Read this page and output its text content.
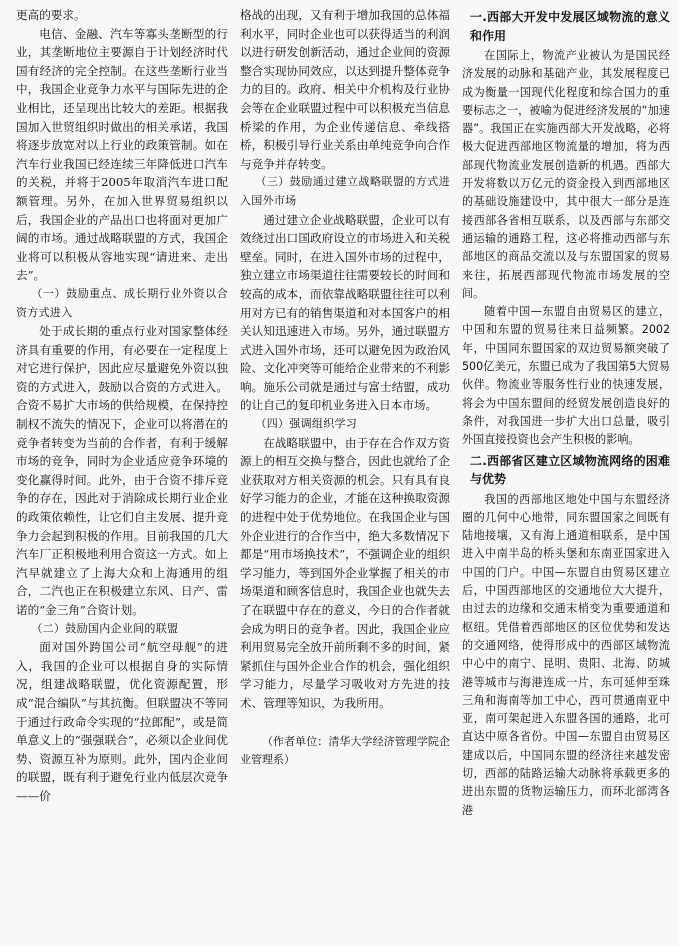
更高的要求。

电信、金融、汽车等寡头垄断型的行业，其垄断地位主要源自于计划经济时代国有经济的完全控制。在这些垄断行业当中，我国企业竞争力水平与国际先进的企业相比，还呈现出比较大的差距。根据我国加入世贸组织时做出的相关承诺，我国将逐步放宽对以上行业的政策管制。如在汽车行业我国已经连续三年降低进口汽车的关税，并将于2005年取消汽车进口配额管理。另外，在加入世界贸易组织以后，我国企业的产品出口也将面对更加广阔的市场。通过战略联盟的方式，我国企业将可以积极从容地实现“请进来、走出去”。

（一）鼓励重点、成长期行业外资以合资方式进入

处于成长期的重点行业对国家整体经济具有重要的作用，有必要在一定程度上对它进行保护，因此应尽量避免外资以独资的方式进入，鼓励以合资的方式进入。合资不易扩大市场的供给规模，在保持控制权不流失的情况下，企业可以将潜在的竞争者转变为当前的合作者，有利于缓解市场的竞争，同时为企业适应竞争环境的变化赢得时间。此外，由于合资不排斥竞争的存在，因此对于消除成长期行业企业的政策依赖性，让它们自主发展、提升竞争力会起到积极的作用。目前我国的几大汽车厂正积极地利用合资这一方式。如上汽早就建立了上海大众和上海通用的组合，二汽也正在积极建立东风、日产、雷诺的“金三角”合资计划。

（二）鼓励国内企业间的联盟

面对国外跨国公司“航空母舰”的进入，我国的企业可以根据自身的实际情况，组建战略联盟，优化资源配置，形成“混合编队”与其抗衡。但联盟决不等同于通过行政命令实现的“拉郎配”，或是简单意义上的“强强联合”，必须以企业间优势、资源互补为原则。此外，国内企业间的联盟，既有利于避免行业内低层次竞争——价

格战的出现，又有利于增加我国的总体福利水平，同时企业也可以获得适当的利润以进行研发创新活动，通过企业间的资源整合实现协同效应，以达到提升整体竞争力的目的。政府、相关中介机构及行业协会等在企业联盟过程中可以积极充当信息桥梁的作用，为企业传递信息、牵线搭桥，积极引导行业关系由单纯竞争向合作与竞争并存转变。

（三）鼓励通过建立战略联盟的方式进入国外市场

通过建立企业战略联盟，企业可以有效绕过出口国政府设立的市场进入和关税壁垒。同时，在进入国外市场的过程中，独立建立市场渠道往往需要较长的时间和较高的成本，而依靠战略联盟往往可以利用对方已有的销售渠道和对本国客户的相关认知迅速进入市场。另外，通过联盟方式进入国外市场，还可以避免因为政治风险、文化冲突等可能给企业带来的不利影响。施乐公司就是通过与富士结盟，成功的让自己的复印机业务进入日本市场。

（四）强调组织学习

在战略联盟中，由于存在合作双方资源上的相互交换与整合，因此也就给了企业获取对方相关资源的机会。只有具有良好学习能力的企业，才能在这种换取资源的进程中处于优势地位。在我国企业与国外企业进行的合作当中，绝大多数情况下都是“用市场换技术”，不强调企业的组织学习能力，等到国外企业掌握了相关的市场渠道和顾客信息时，我国企业也就失去了在联盟中存在的意义，今日的合作者就会成为明日的竞争者。因此，我国企业应利用贸易完全放开前所剩不多的时间，紧紧抓住与国外企业合作的机会，强化组织学习能力，尽量学习吸收对方先进的技术、管理等知识，为我所用。

（作者单位：清华大学经济管理学院企业管理系）

一.西部大开发中发展区域物流的意义和作用

在国际上，物流产业被认为是国民经济发展的动脉和基础产业，其发展程度已成为衡量一国现代化程度和综合国力的重要标志之一，被喻为促进经济发展的“加速器”。我国正在实施西部大开发战略，必将极大促进西部地区物流量的增加，将为西部现代物流业发展创造新的机遇。西部大开发将数以万亿元的资金投入到西部地区的基础设施建设中，其中很大一部分是连接西部各省相互联系，以及西部与东部交通运输的通路工程，这必将推动西部与东部地区的商品交流以及与东盟国家的贸易来往，拓展西部现代物流市场发展的空间。

随着中国—东盟自由贸易区的建立，中国和东盟的贸易往来日益频繁。2002年，中国同东盟国家的双边贸易额突破了500亿美元，东盟已成为了我国第5大贸易伙伴。物流业等服务性行业的快速发展，将会为中国东盟间的经贸发展创造良好的条件，对我国进一步扩大出口总量，吸引外国直接投资也会产生积极的影响。

二.西部省区建立区域物流网络的困难与优势

我国的西部地区地处中国与东盟经济圈的几何中心地带，同东盟国家之间既有陆地接壤，又有海上通道相联系，是中国进入中南半岛的桥头堡和东南亚国家进入中国的门户。中国—东盟自由贸易区建立后，中国西部地区的交通地位大大提升，由过去的边缘和交通末梢变为重要通道和枢纽。凭借着西部地区的区位优势和发达的交通网络，使得形成中的西部区域物流中心中的南宁、昆明、贵阳、北海、防城港等城市与海港连成一片，东可延伸至珠三角和海南等加工中心，西可贯通南亚中亚，南可架起进入东盟各国的通路，北可直达中原各省份。中国—东盟自由贸易区建成以后，中国同东盟的经济往来越发密切，西部的陆路运输大动脉将承载更多的进出东盟的货物运输压力，而环北部湾各港
